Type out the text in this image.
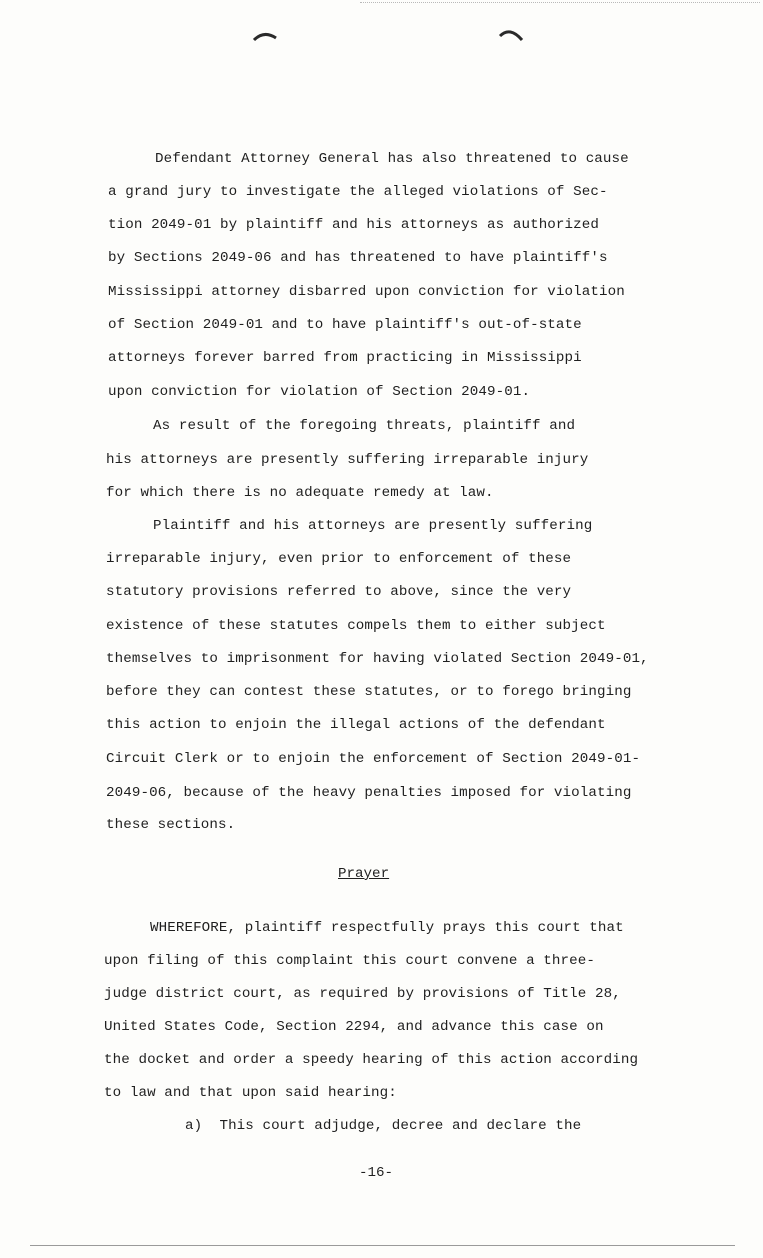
Defendant Attorney General has also threatened to cause
a grand jury to investigate the alleged violations of Sec-
tion 2049-01 by plaintiff and his attorneys as authorized
by Sections 2049-06 and has threatened to have plaintiff's
Mississippi attorney disbarred upon conviction for violation
of Section 2049-01 and to have plaintiff's out-of-state
attorneys forever barred from practicing in Mississippi
upon conviction for violation of Section 2049-01.
As result of the foregoing threats, plaintiff and
his attorneys are presently suffering irreparable injury
for which there is no adequate remedy at law.
Plaintiff and his attorneys are presently suffering
irreparable injury, even prior to enforcement of these
statutory provisions referred to above, since the very
existence of these statutes compels them to either subject
themselves to imprisonment for having violated Section 2049-01,
before they can contest these statutes, or to forego bringing
this action to enjoin the illegal actions of the defendant
Circuit Clerk or to enjoin the enforcement of Section 2049-01-
2049-06, because of the heavy penalties imposed for violating
these sections.
Prayer
WHEREFORE, plaintiff respectfully prays this court that
upon filing of this complaint this court convene a three-
judge district court, as required by provisions of Title 28,
United States Code, Section 2294, and advance this case on
the docket and order a speedy hearing of this action according
to law and that upon said hearing:
a)  This court adjudge, decree and declare the
-16-
